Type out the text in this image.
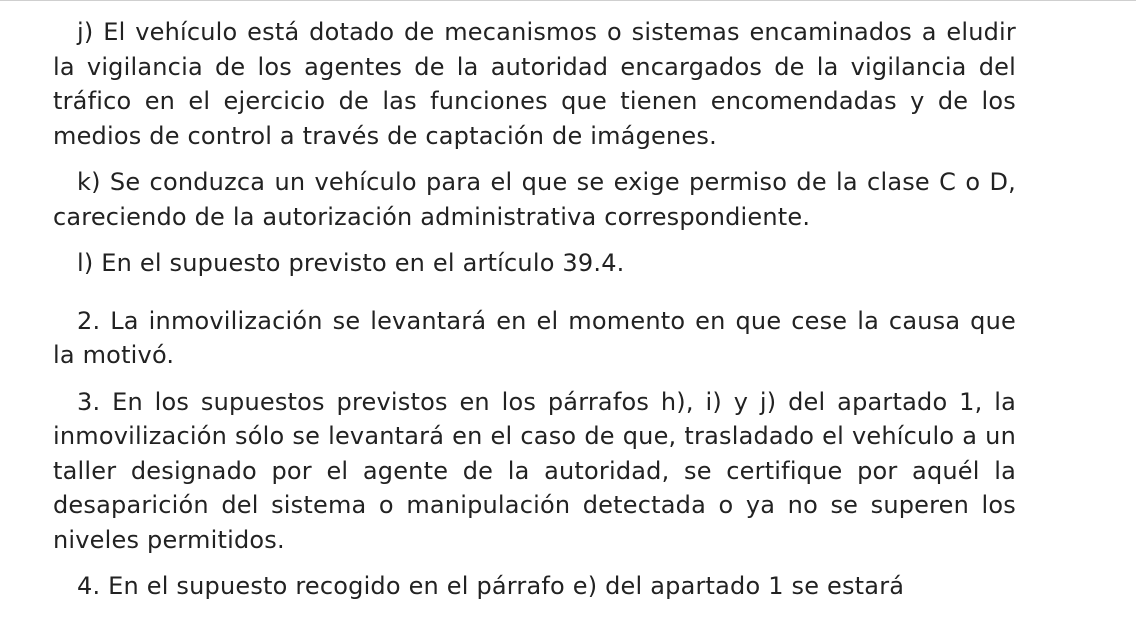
j) El vehículo está dotado de mecanismos o sistemas encaminados a eludir la vigilancia de los agentes de la autoridad encargados de la vigilancia del tráfico en el ejercicio de las funciones que tienen encomendadas y de los medios de control a través de captación de imágenes.

k) Se conduzca un vehículo para el que se exige permiso de la clase C o D, careciendo de la autorización administrativa correspondiente.

l) En el supuesto previsto en el artículo 39.4.

2. La inmovilización se levantará en el momento en que cese la causa que la motivó.

3. En los supuestos previstos en los párrafos h), i) y j) del apartado 1, la inmovilización sólo se levantará en el caso de que, trasladado el vehículo a un taller designado por el agente de la autoridad, se certifique por aquél la desaparición del sistema o manipulación detectada o ya no se superen los niveles permitidos.

4. En el supuesto recogido en el párrafo e) del apartado 1 se estará
